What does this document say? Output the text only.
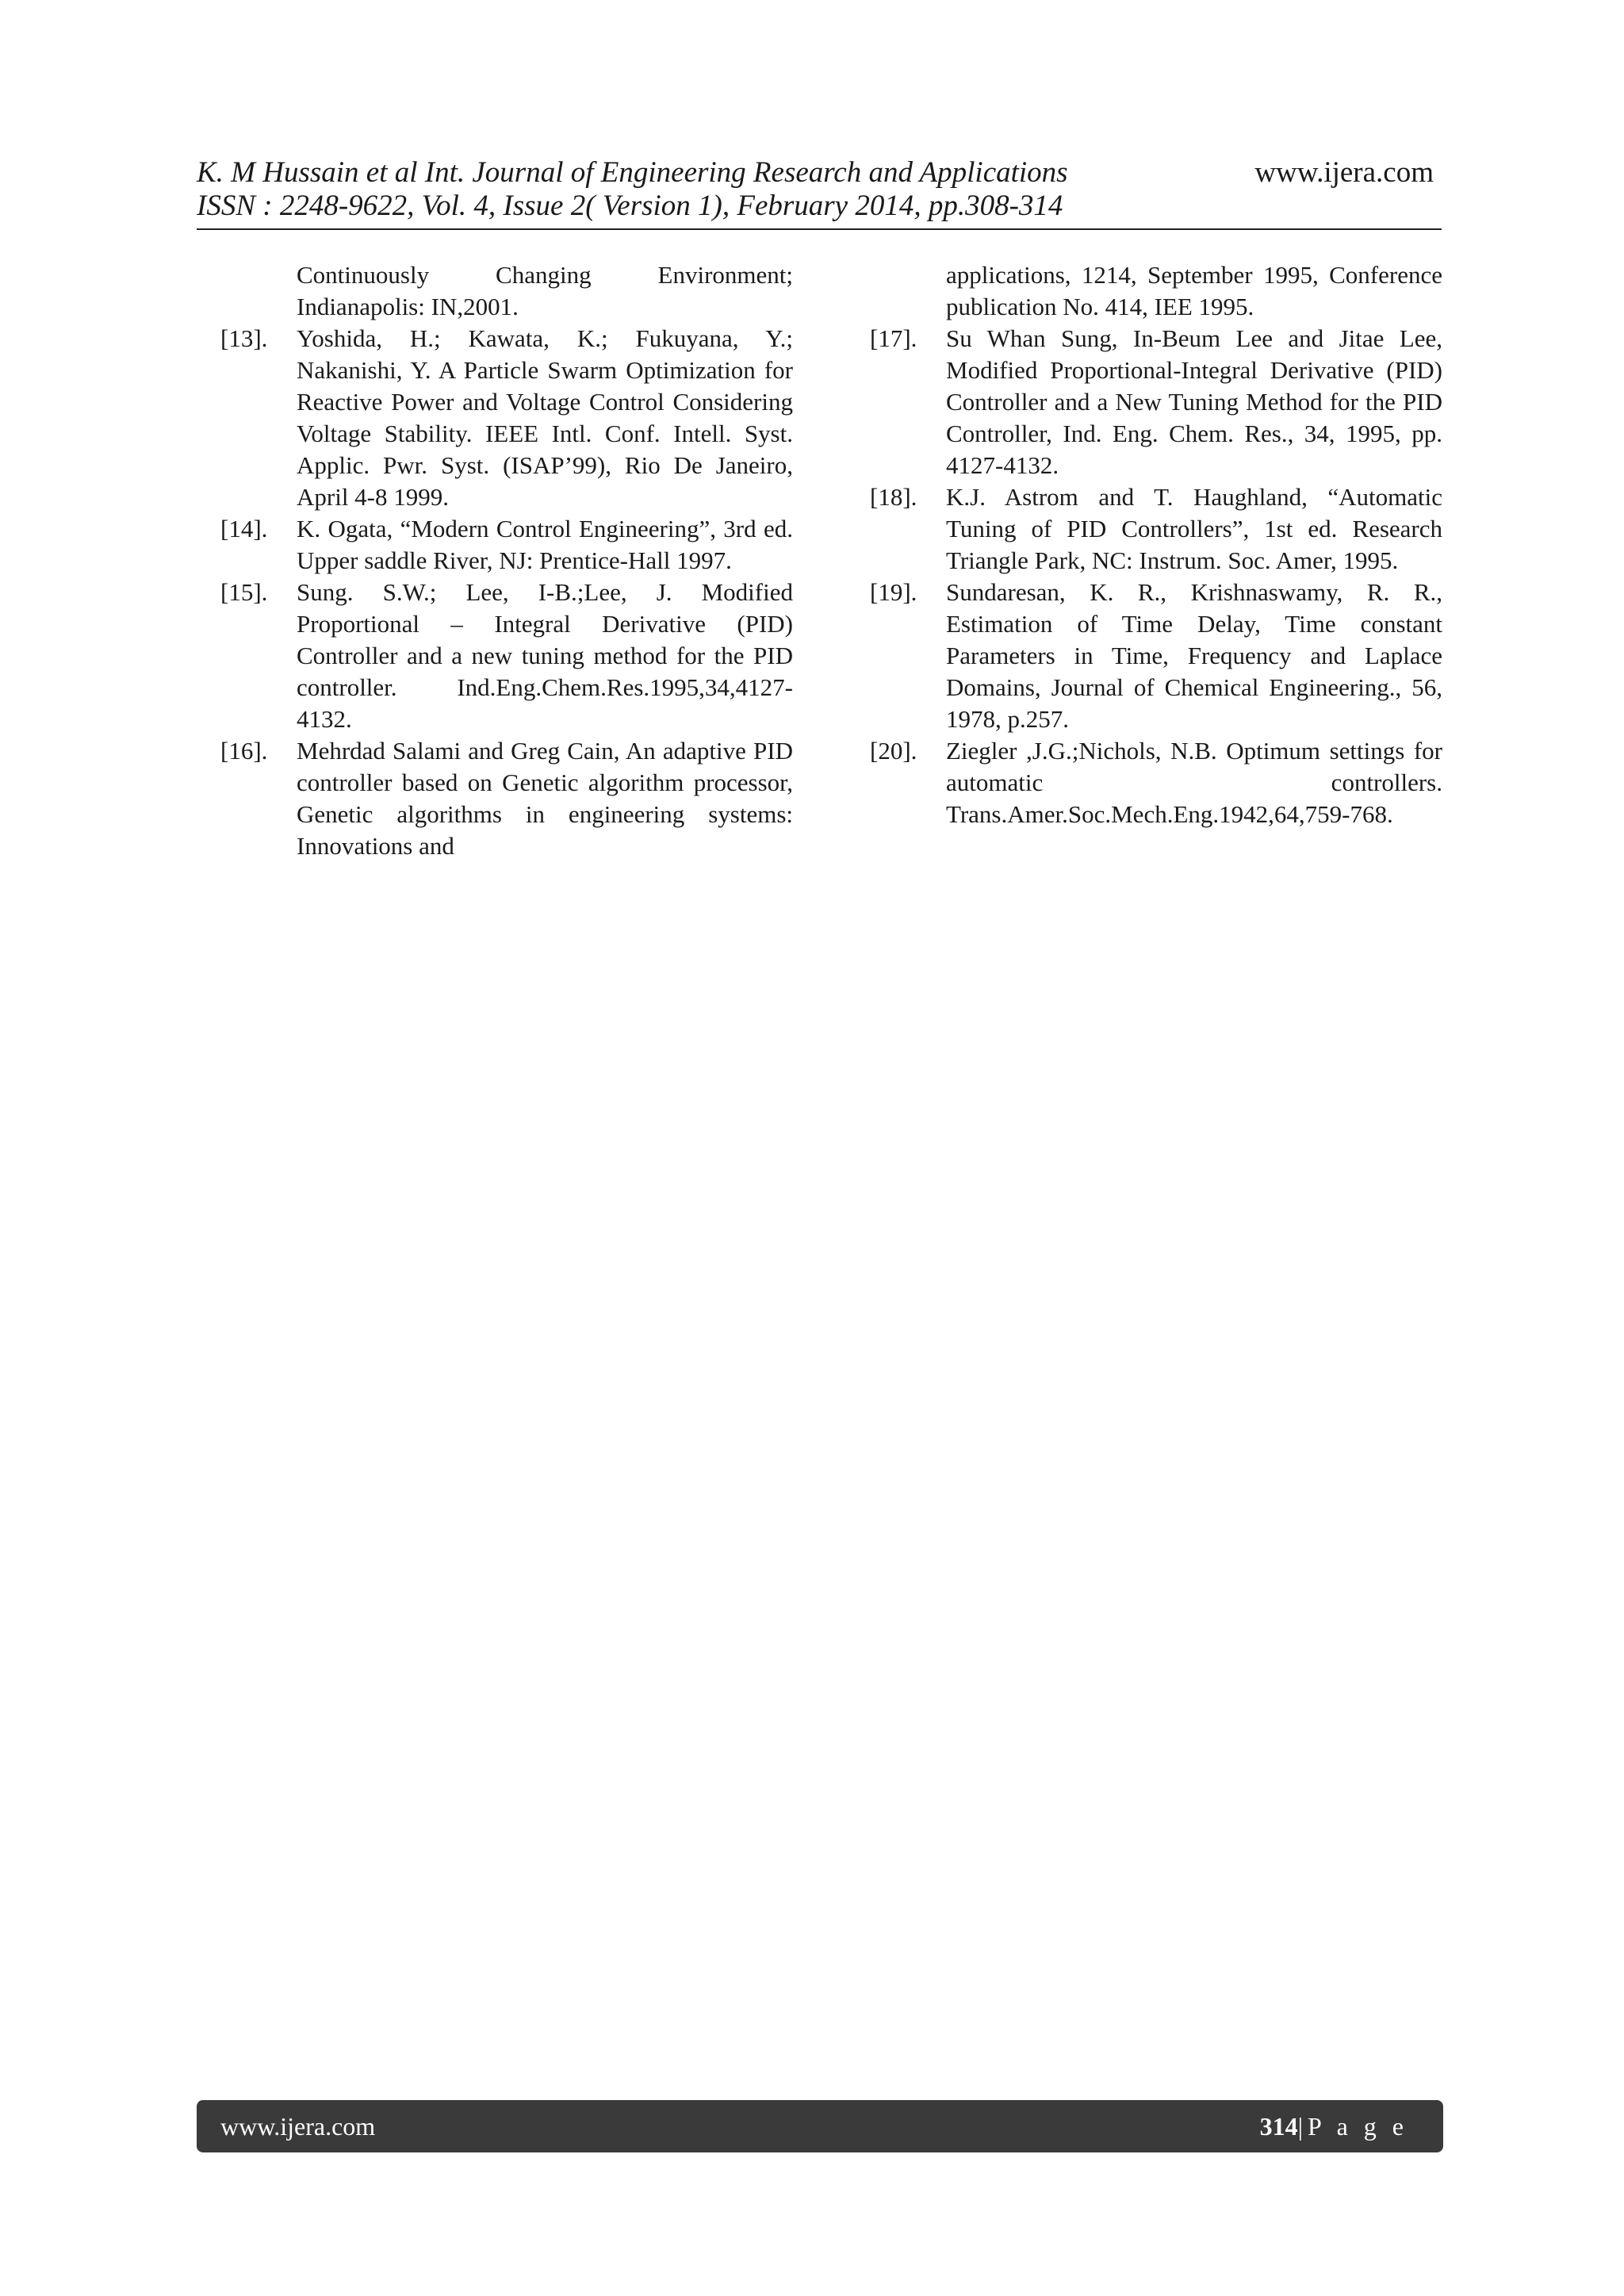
K. M Hussain et al Int. Journal of Engineering Research and Applications
ISSN : 2248-9622, Vol. 4, Issue 2( Version 1), February 2014, pp.308-314
www.ijera.com
Continuously Changing Environment; Indianapolis: IN,2001.
[13]. Yoshida, H.; Kawata, K.; Fukuyana, Y.; Nakanishi, Y. A Particle Swarm Optimization for Reactive Power and Voltage Control Considering Voltage Stability. IEEE Intl. Conf. Intell. Syst. Applic. Pwr. Syst. (ISAP’99), Rio De Janeiro, April 4-8 1999.
[14]. K. Ogata, “Modern Control Engineering”, 3rd ed. Upper saddle River, NJ: Prentice-Hall 1997.
[15]. Sung. S.W.; Lee, I-B.;Lee, J. Modified Proportional – Integral Derivative (PID) Controller and a new tuning method for the PID controller. Ind.Eng.Chem.Res.1995,34,4127-4132.
[16]. Mehrdad Salami and Greg Cain, An adaptive PID controller based on Genetic algorithm processor, Genetic algorithms in engineering systems: Innovations and
applications, 1214, September 1995, Conference publication No. 414, IEE 1995.
[17]. Su Whan Sung, In-Beum Lee and Jitae Lee, Modified Proportional-Integral Derivative (PID) Controller and a New Tuning Method for the PID Controller, Ind. Eng. Chem. Res., 34, 1995, pp. 4127-4132.
[18]. K.J. Astrom and T. Haughland, “Automatic Tuning of PID Controllers”, 1st ed. Research Triangle Park, NC: Instrum. Soc. Amer, 1995.
[19]. Sundaresan, K. R., Krishnaswamy, R. R., Estimation of Time Delay, Time constant Parameters in Time, Frequency and Laplace Domains, Journal of Chemical Engineering., 56, 1978, p.257.
[20]. Ziegler ,J.G.;Nichols, N.B. Optimum settings for automatic controllers. Trans.Amer.Soc.Mech.Eng.1942,64,759-768.
www.ijera.com	314|P a g e
